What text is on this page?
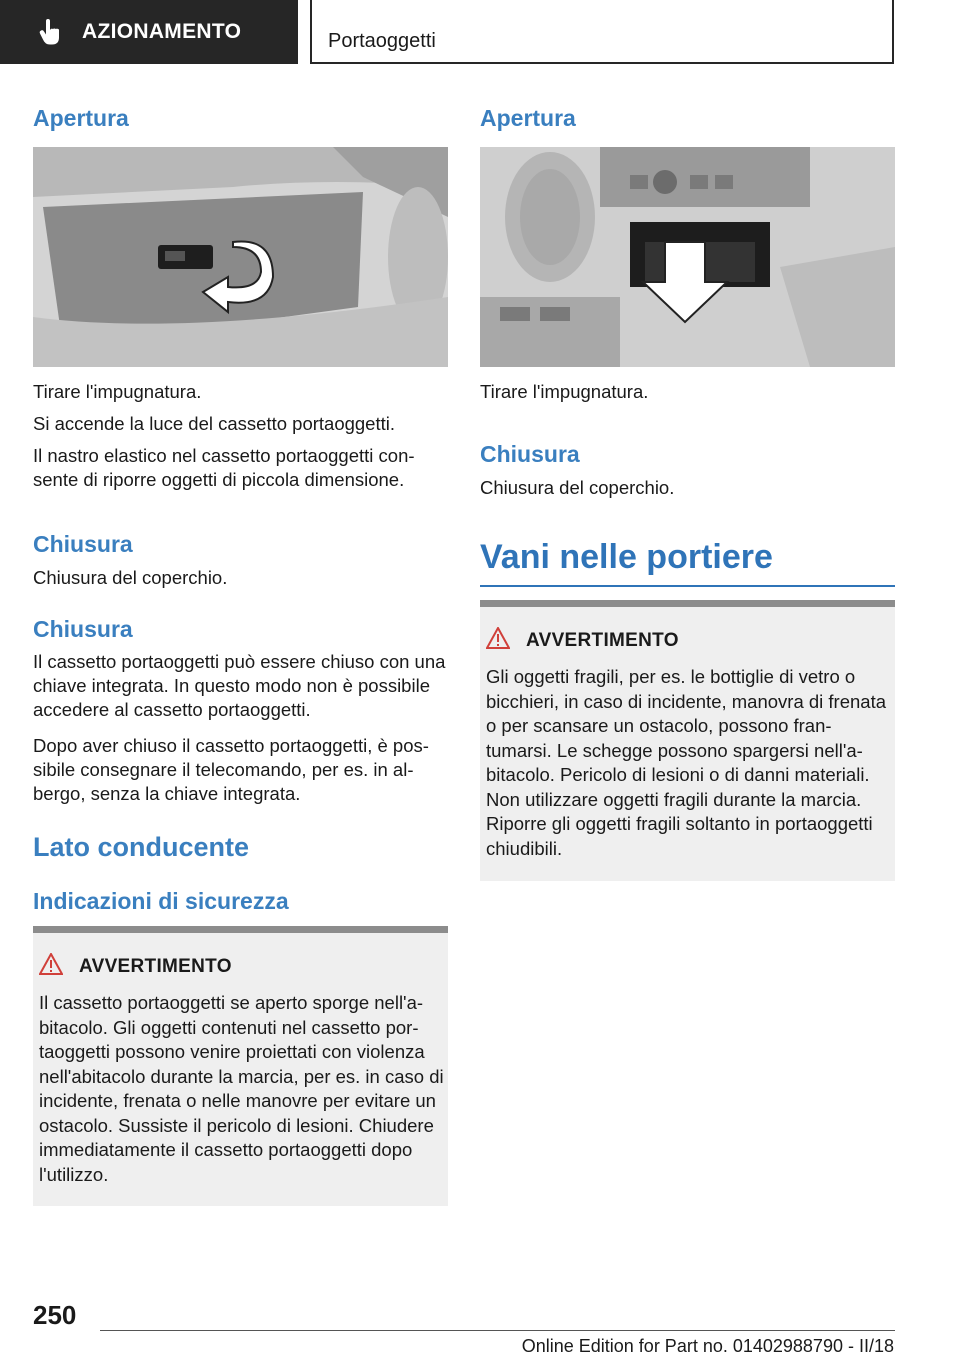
AZIONAMENTO	Portaoggetti
Apertura

Tirare l'impugnatura.

Si accende la luce del cassetto portaoggetti.

Il nastro elastico nel cassetto portaoggetti consente di riporre oggetti di piccola dimensione.

Chiusura

Chiusura del coperchio.

Chiusura

Il cassetto portaoggetti può essere chiuso con una chiave integrata. In questo modo non è possibile accedere al cassetto portaoggetti.

Dopo aver chiuso il cassetto portaoggetti, è possibile consegnare il telecomando, per es. in albergo, senza la chiave integrata.

Lato conducente
Indicazioni di sicurezza
AVVERTIMENTO

Il cassetto portaoggetti se aperto sporge nell'abitacolo. Gli oggetti contenuti nel cassetto portaoggetti possono venire proiettati con violenza nell'abitacolo durante la marcia, per es. in caso di incidente, frenata o nelle manovre per evitare un ostacolo. Sussiste il pericolo di lesioni. Chiudere immediatamente il cassetto portaoggetti dopo l'utilizzo.

Apertura

Tirare l'impugnatura.

Chiusura

Chiusura del coperchio.

Vani nelle portiere
AVVERTIMENTO

Gli oggetti fragili, per es. le bottiglie di vetro o bicchieri, in caso di incidente, manovra di frenata o per scansare un ostacolo, possono frantumarsi. Le schegge possono spargersi nell'abitacolo. Pericolo di lesioni o di danni materiali. Non utilizzare oggetti fragili durante la marcia. Riporre gli oggetti fragili soltanto in portaoggetti chiudibili.

250
Online Edition for Part no. 01402988790 - II/18
